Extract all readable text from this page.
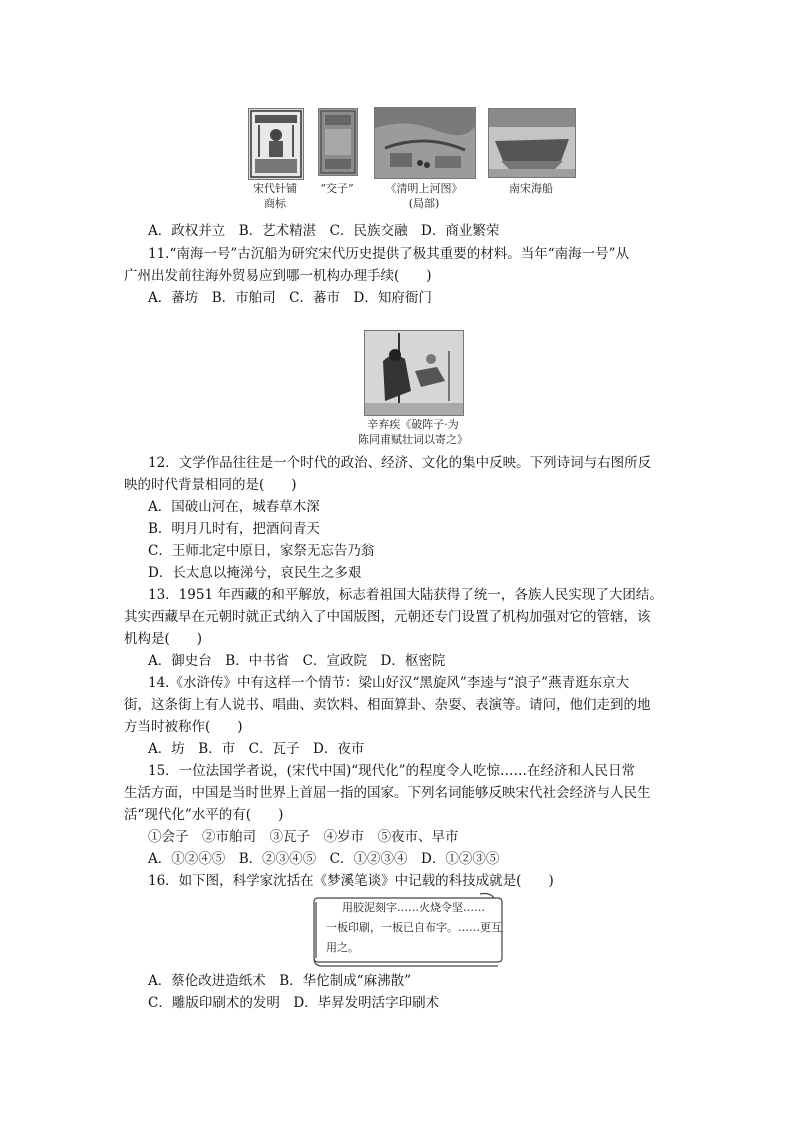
宋代针铺
商标
“交子”	《清明上河图》
(局部)
南宋海船
A．政权并立　B．艺术精湛　C．民族交融　D．商业繁荣
11.“南海一号”古沉船为研究宋代历史提供了极其重要的材料。当年“南海一号”从
广州出发前往海外贸易应到哪一机构办理手续(　　)
A．蕃坊　B．市舶司　C．蕃市　D．知府衙门
辛弃疾《破阵子·为
陈同甫赋壮词以寄之》
12．文学作品往往是一个时代的政治、经济、文化的集中反映。下列诗词与右图所反
映的时代背景相同的是(　　)
A．国破山河在，城春草木深
B．明月几时有，把酒问青天
C．王师北定中原日，家祭无忘告乃翁
D．长太息以掩涕兮，哀民生之多艰
13．1951 年西藏的和平解放，标志着祖国大陆获得了统一，各族人民实现了大团结。
其实西藏早在元朝时就正式纳入了中国版图，元朝还专门设置了机构加强对它的管辖，该
机构是(　　)
A．御史台　B．中书省　C．宣政院　D．枢密院
14.《水浒传》中有这样一个情节：梁山好汉“黑旋风”李逵与“浪子”燕青逛东京大
街，这条街上有人说书、唱曲、卖饮料、相面算卦、杂耍、表演等。请问，他们走到的地
方当时被称作(　　)
A．坊　B．市　C．瓦子　D．夜市
15．一位法国学者说，(宋代中国)“现代化”的程度令人吃惊……在经济和人民日常
生活方面，中国是当时世界上首屈一指的国家。下列名词能够反映宋代社会经济与人民生
活“现代化”水平的有(　　)
①会子　②市舶司　③瓦子　④岁市　⑤夜市、早市
A．①②④⑤　B．②③④⑤　C．①②③④　D．①②③⑤
16．如下图，科学家沈括在《梦溪笔谈》中记载的科技成就是(　　)
用胶泥刻字……火烧令坚……
一板印刷，一板已自布字。……更互
用之。
A．蔡伦改进造纸术　B．华佗制成“麻沸散”
C．雕版印刷术的发明　D．毕昇发明活字印刷术
